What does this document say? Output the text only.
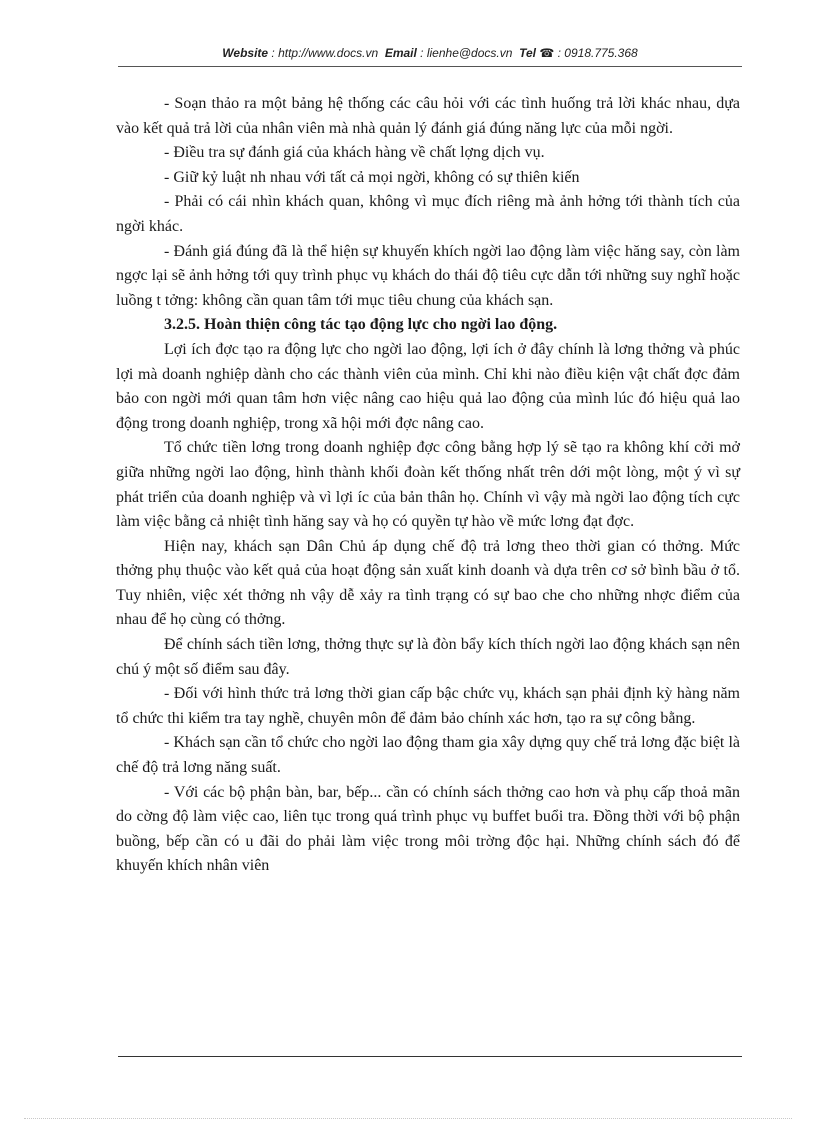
Website : http://www.docs.vn Email : lienhe@docs.vn Tel ☎ : 0918.775.368

- Soạn thảo ra một bảng hệ thống các câu hỏi với các tình huống trả lời khác nhau, dựa vào kết quả trả lời của nhân viên mà nhà quản lý đánh giá đúng năng lực của mỗi ngời.

- Điều tra sự đánh giá của khách hàng về chất lợng dịch vụ.

- Giữ kỷ luật nh nhau với tất cả mọi ngời, không có sự thiên kiến

- Phải có cái nhìn khách quan, không vì mục đích riêng mà ảnh hởng tới thành tích của ngời khác.

- Đánh giá đúng đã là thể hiện sự khuyến khích ngời lao động làm việc hăng say, còn làm ngợc lại sẽ ảnh hởng tới quy trình phục vụ khách do thái độ tiêu cực dẫn tới những suy nghĩ hoặc luồng t tởng: không cần quan tâm tới mục tiêu chung của khách sạn.

3.2.5. Hoàn thiện công tác tạo động lực cho ngời lao động.

Lợi ích đợc tạo ra động lực cho ngời lao động, lợi ích ở đây chính là lơng thởng và phúc lợi mà doanh nghiệp dành cho các thành viên của mình. Chỉ khi nào điều kiện vật chất đợc đảm bảo con ngời mới quan tâm hơn việc nâng cao hiệu quả lao động của mình lúc đó hiệu quả lao động trong doanh nghiệp, trong xã hội mới đợc nâng cao.

Tổ chức tiền lơng trong doanh nghiệp đợc công bằng hợp lý sẽ tạo ra không khí cởi mở giữa những ngời lao động, hình thành khối đoàn kết thống nhất trên dới một lòng, một ý vì sự phát triển của doanh nghiệp và vì lợi íc của bản thân họ. Chính vì vậy mà ngời lao động tích cực làm việc bằng cả nhiệt tình hăng say và họ có quyền tự hào về mức lơng đạt đợc.

Hiện nay, khách sạn Dân Chủ áp dụng chế độ trả lơng theo thời gian có thởng. Mức thởng phụ thuộc vào kết quả của hoạt động sản xuất kinh doanh và dựa trên cơ sở bình bầu ở tổ. Tuy nhiên, việc xét thởng nh vậy dễ xảy ra tình trạng có sự bao che cho những nhợc điểm của nhau để họ cùng có thởng.

Để chính sách tiền lơng, thởng thực sự là đòn bẩy kích thích ngời lao động khách sạn nên chú ý một số điểm sau đây.

- Đối với hình thức trả lơng thời gian cấp bậc chức vụ, khách sạn phải định kỳ hàng năm tổ chức thi kiểm tra tay nghề, chuyên môn để đảm bảo chính xác hơn, tạo ra sự công bằng.

- Khách sạn cần tổ chức cho ngời lao động tham gia xây dựng quy chế trả lơng đặc biệt là chế độ trả lơng năng suất.

- Với các bộ phận bàn, bar, bếp... cần có chính sách thởng cao hơn và phụ cấp thoả mãn do cờng độ làm việc cao, liên tục trong quá trình phục vụ buffet buổi tra. Đồng thời với bộ phận buồng, bếp cần có u đãi do phải làm việc trong môi trờng độc hại. Những chính sách đó để khuyến khích nhân viên
